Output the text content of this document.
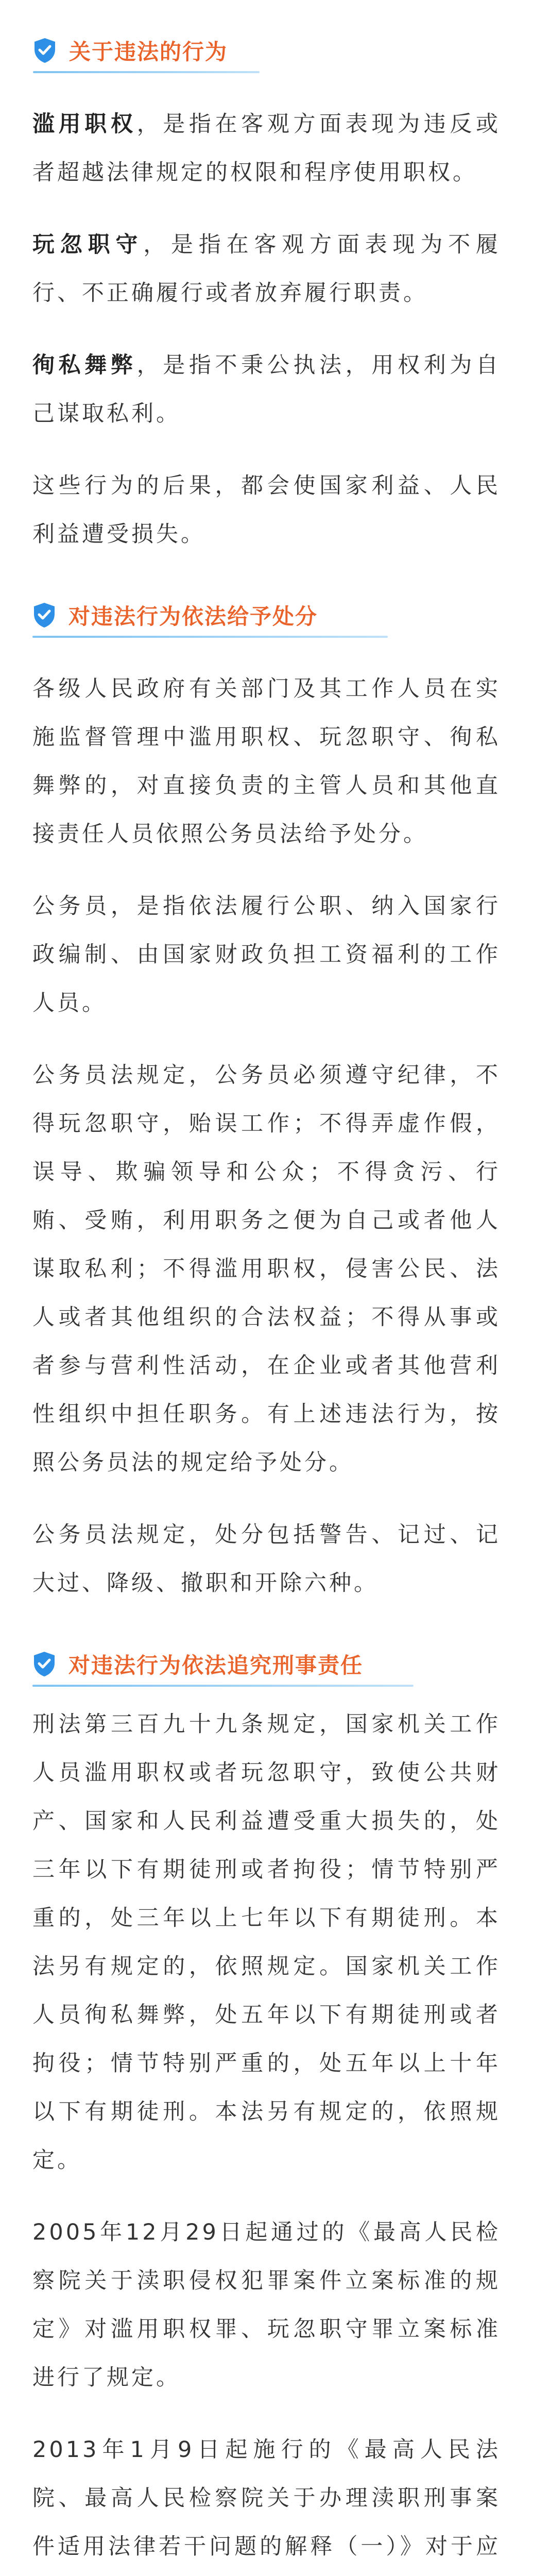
关于违法的行为

滥用职权，是指在客观方面表现为违反或者超越法律规定的权限和程序使用职权。

玩忽职守，是指在客观方面表现为不履行、不正确履行或者放弃履行职责。

徇私舞弊，是指不秉公执法，用权利为自己谋取私利。

这些行为的后果，都会使国家利益、人民利益遭受损失。

对违法行为依法给予处分

各级人民政府有关部门及其工作人员在实施监督管理中滥用职权、玩忽职守、徇私舞弊的，对直接负责的主管人员和其他直接责任人员依照公务员法给予处分。

公务员，是指依法履行公职、纳入国家行政编制、由国家财政负担工资福利的工作人员。

公务员法规定，公务员必须遵守纪律，不得玩忽职守，贻误工作；不得弄虚作假，误导、欺骗领导和公众；不得贪污、行贿、受贿，利用职务之便为自己或者他人谋取私利；不得滥用职权，侵害公民、法人或者其他组织的合法权益；不得从事或者参与营利性活动，在企业或者其他营利性组织中担任职务。有上述违法行为，按照公务员法的规定给予处分。

公务员法规定，处分包括警告、记过、记大过、降级、撤职和开除六种。

对违法行为依法追究刑事责任

刑法第三百九十九条规定，国家机关工作人员滥用职权或者玩忽职守，致使公共财产、国家和人民利益遭受重大损失的，处三年以下有期徒刑或者拘役；情节特别严重的，处三年以上七年以下有期徒刑。本法另有规定的，依照规定。国家机关工作人员徇私舞弊，处五年以下有期徒刑或者拘役；情节特别严重的，处五年以上十年以下有期徒刑。本法另有规定的，依照规定。

2005年12月29日起通过的《最高人民检察院关于渎职侵权犯罪案件立案标准的规定》对滥用职权罪、玩忽职守罪立案标准进行了规定。

2013年1月9日起施行的《最高人民法院、最高人民检察院关于办理渎职刑事案件适用法律若干问题的解释（一）》对于应
